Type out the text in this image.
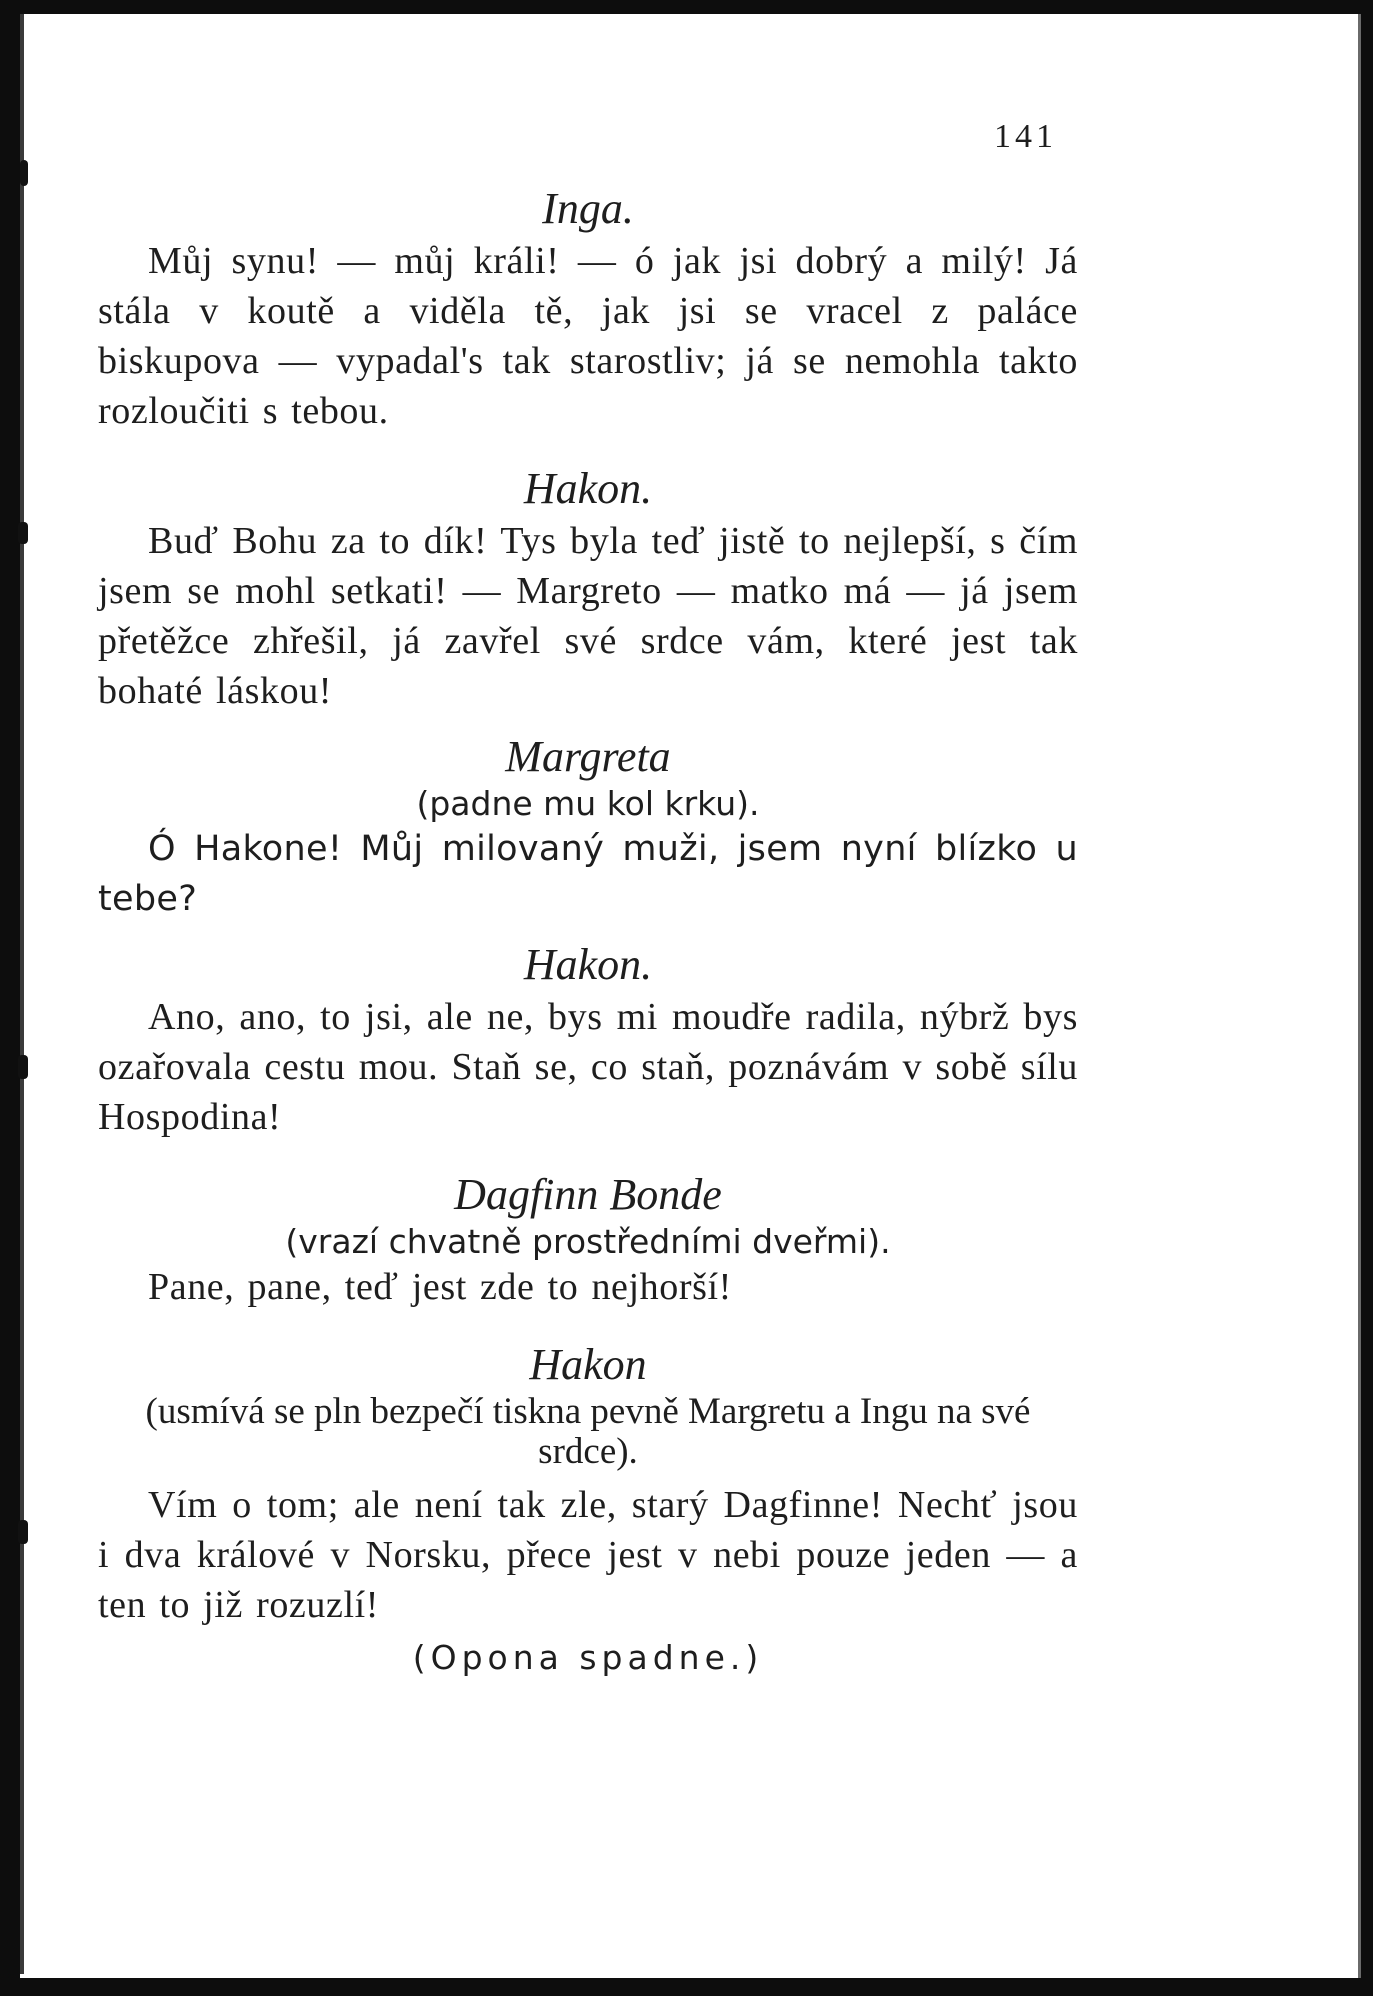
141

Inga.

Můj synu! — můj králi! — ó jak jsi dobrý a milý! Já stála v koutě a viděla tě, jak jsi se vracel z paláce biskupova — vypadal's tak starostliv; já se nemohla takto rozloučiti s tebou.

Hakon.

Buď Bohu za to dík! Tys byla teď jistě to nejlepší, s čím jsem se mohl setkati! — Margreto — matko má — já jsem přetěžce zhřešil, já zavřel své srdce vám, které jest tak bohaté láskou!

Margreta

(padne mu kol krku).

Ó Hakone! Můj milovaný muži, jsem nyní blízko u tebe?

Hakon.

Ano, ano, to jsi, ale ne, bys mi moudře radila, nýbrž bys ozařovala cestu mou. Staň se, co staň, poznávám v sobě sílu Hospodina!

Dagfinn Bonde

(vrazí chvatně prostředními dveřmi).

Pane, pane, teď jest zde to nejhorší!

Hakon

(usmívá se pln bezpečí tiskna pevně Margretu a Ingu na své srdce).

Vím o tom; ale není tak zle, starý Dagfinne! Nechť jsou i dva králové v Norsku, přece jest v nebi pouze jeden — a ten to již rozuzlí!

(Opona spadne.)
